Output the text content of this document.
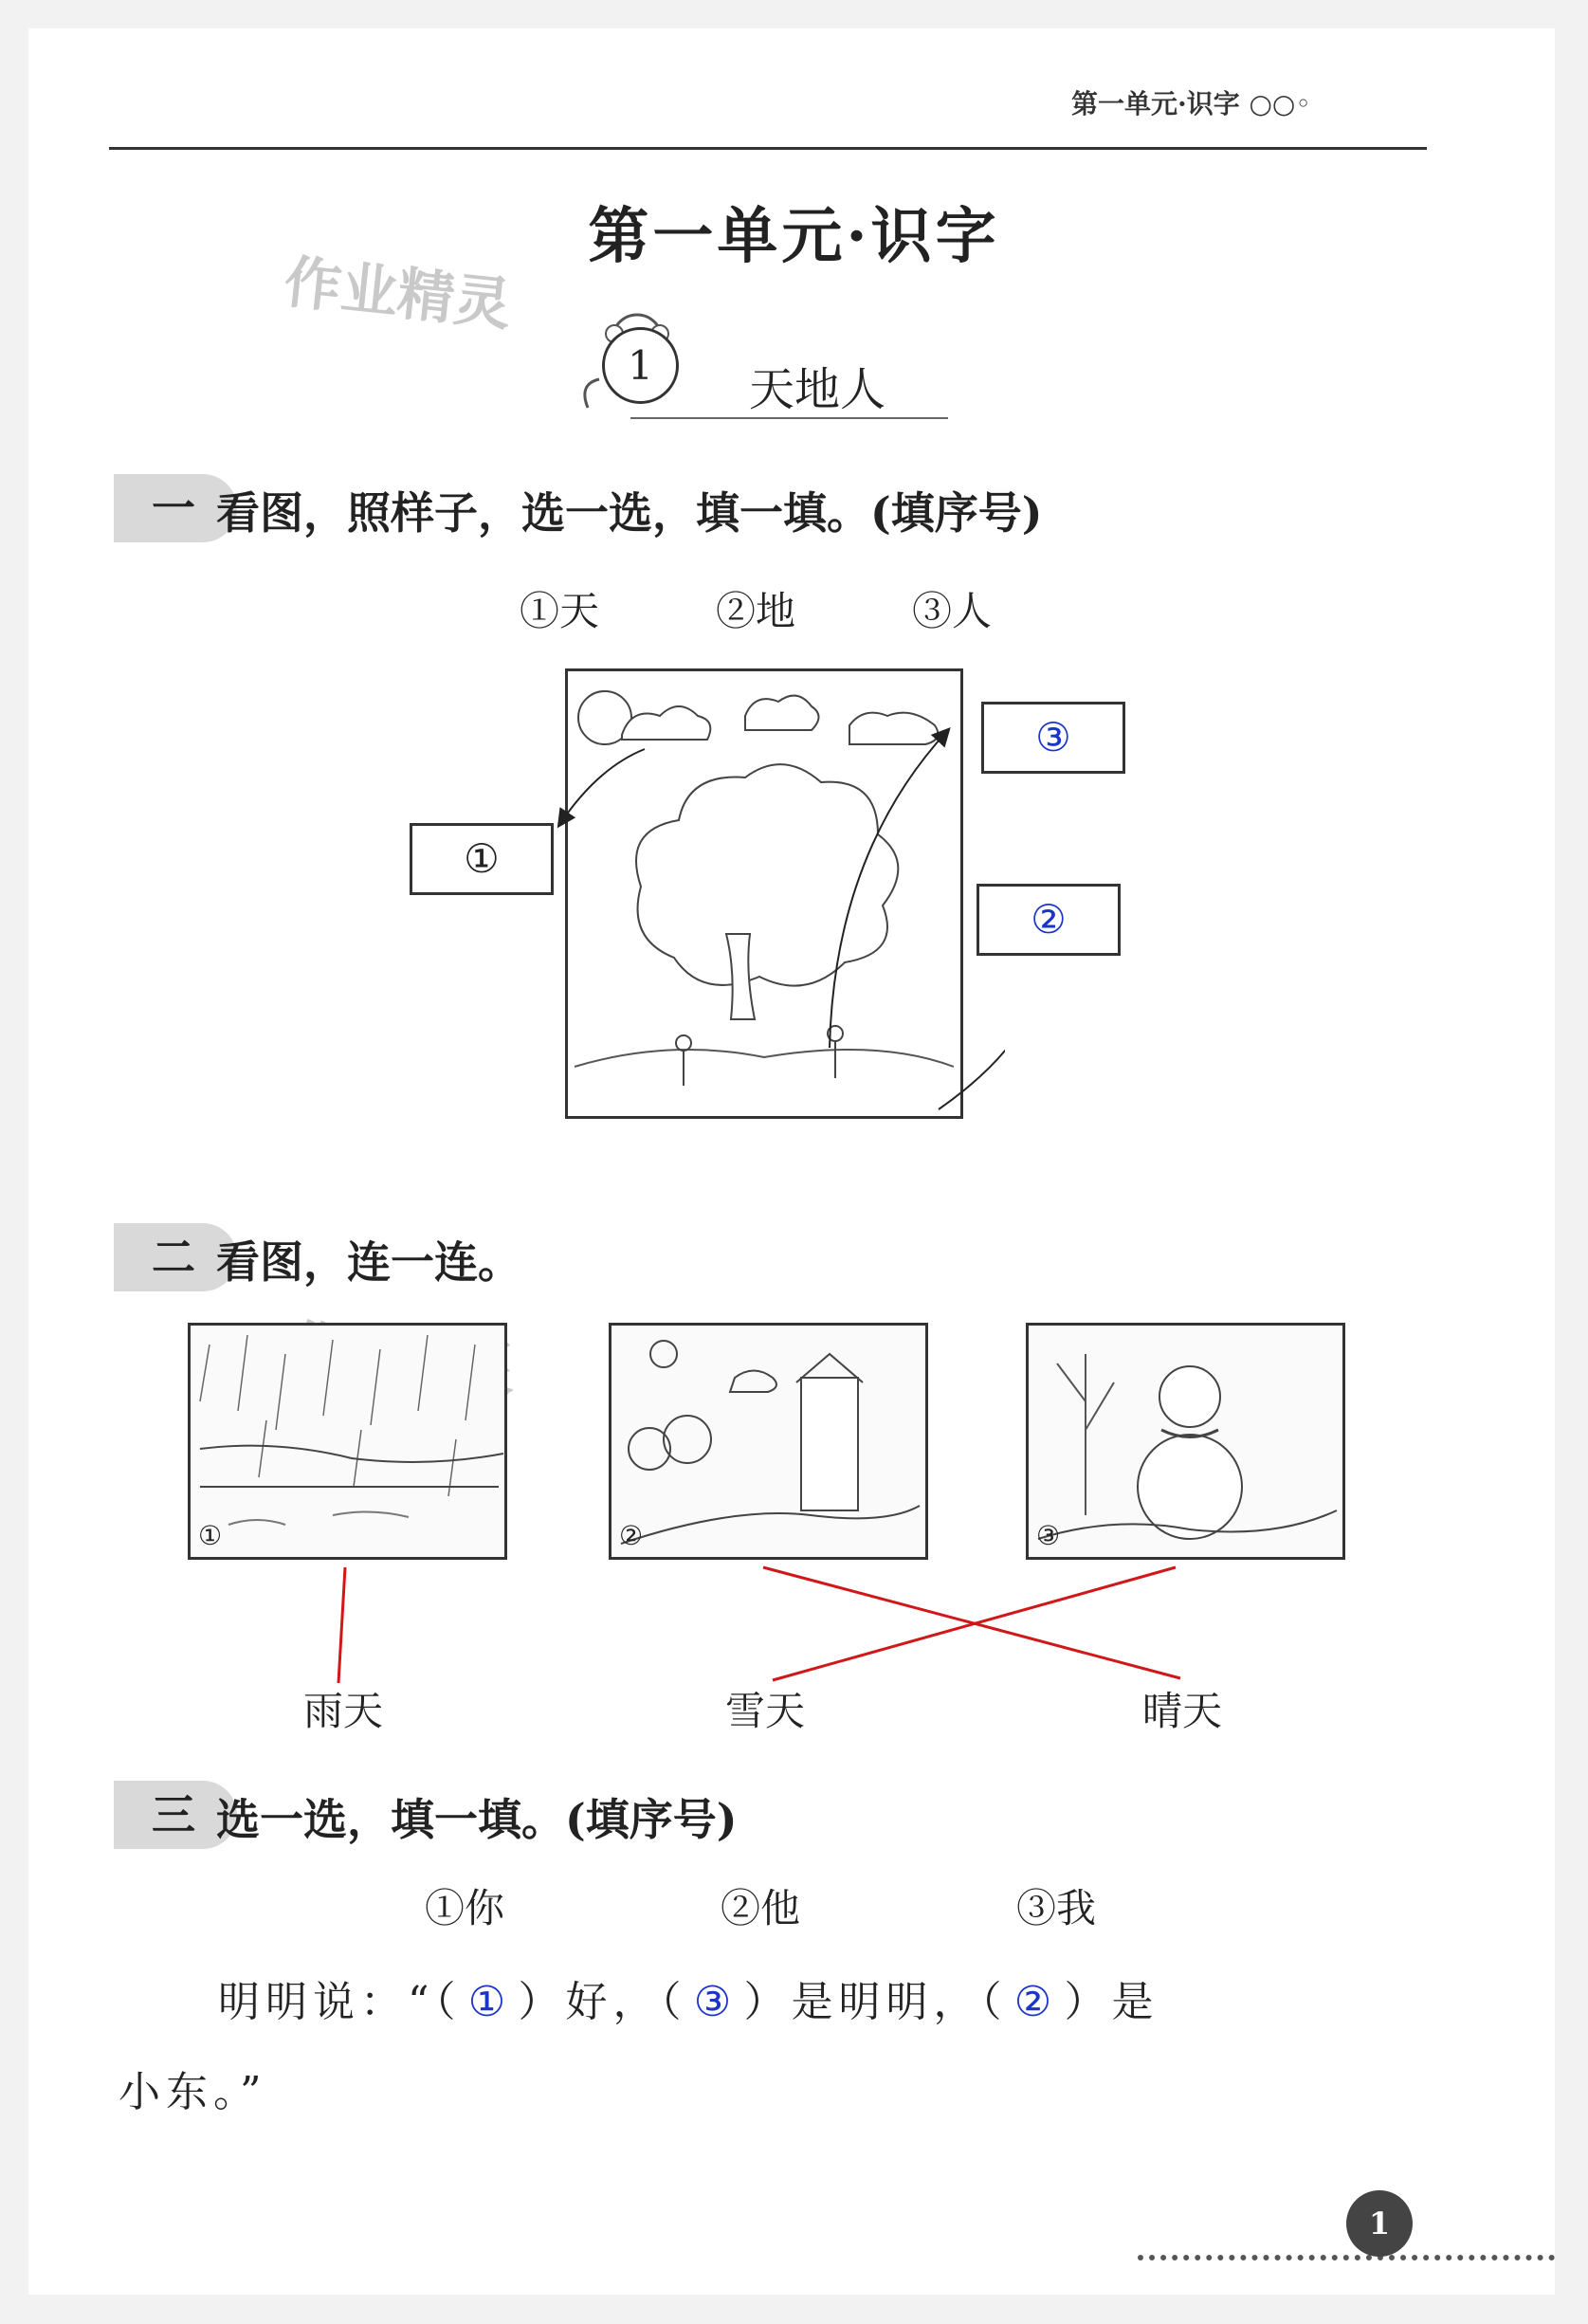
第一单元·识字 ○○◦
第一单元·识字
作业精灵
1	天地人
一 看图，照样子，选一选，填一填。(填序号)
①天	②地	③人
①
③
②
二 看图，连一连。
①	②	③
雨天	雪天	晴天
三 选一选，填一填。(填序号)
①你	②他	③我
明明说：“（ ① ）好，（ ③ ）是明明，（ ② ）是
小东。”
1
